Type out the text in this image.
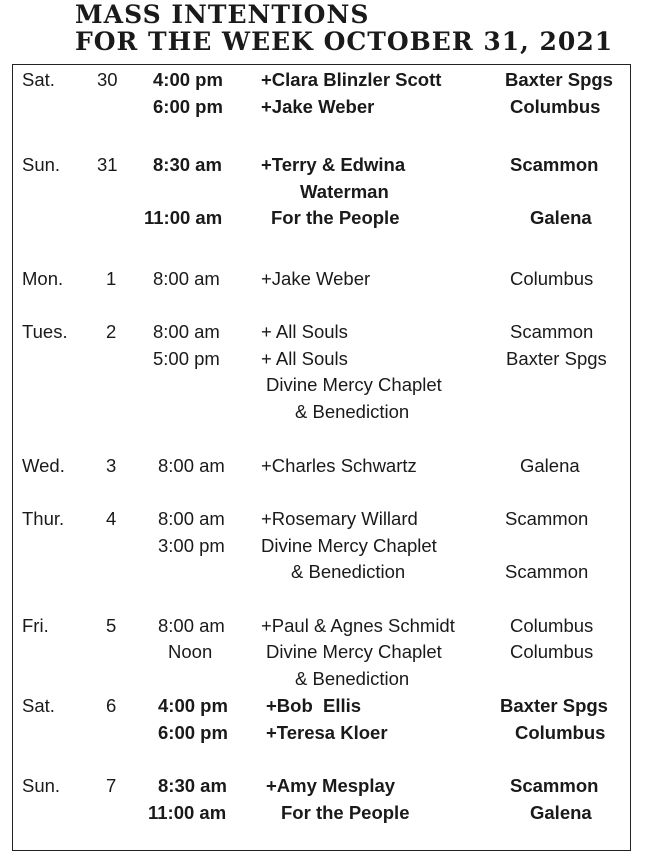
MASS INTENTIONS
FOR THE WEEK OCTOBER 31, 2021
Sat. 30 4:00 pm +Clara Blinzler Scott	Baxter Spgs
6:00 pm +Jake Weber	Columbus
Sun. 31 8:30 am +Terry & Edwina	Scammon
Waterman
11:00 am	For the People	Galena
Mon. 1 8:00 am +Jake Weber	Columbus
Tues. 2 8:00 am + All Souls	Scammon
5:00 pm + All Souls	Baxter Spgs
Divine Mercy Chaplet
& Benediction
Wed. 3 8:00 am +Charles Schwartz	Galena
Thur. 4 8:00 am +Rosemary Willard	Scammon
3:00 pm Divine Mercy Chaplet
& Benediction	Scammon
Fri.	5 8:00 am +Paul & Agnes Schmidt	Columbus
Noon	Divine Mercy Chaplet	Columbus
& Benediction
Sat.	6 4:00 pm +Bob  Ellis	Baxter Spgs
6:00 pm +Teresa Kloer	Columbus
Sun. 7 8:30 am +Amy Mesplay	Scammon
11:00 am	For the People	Galena
